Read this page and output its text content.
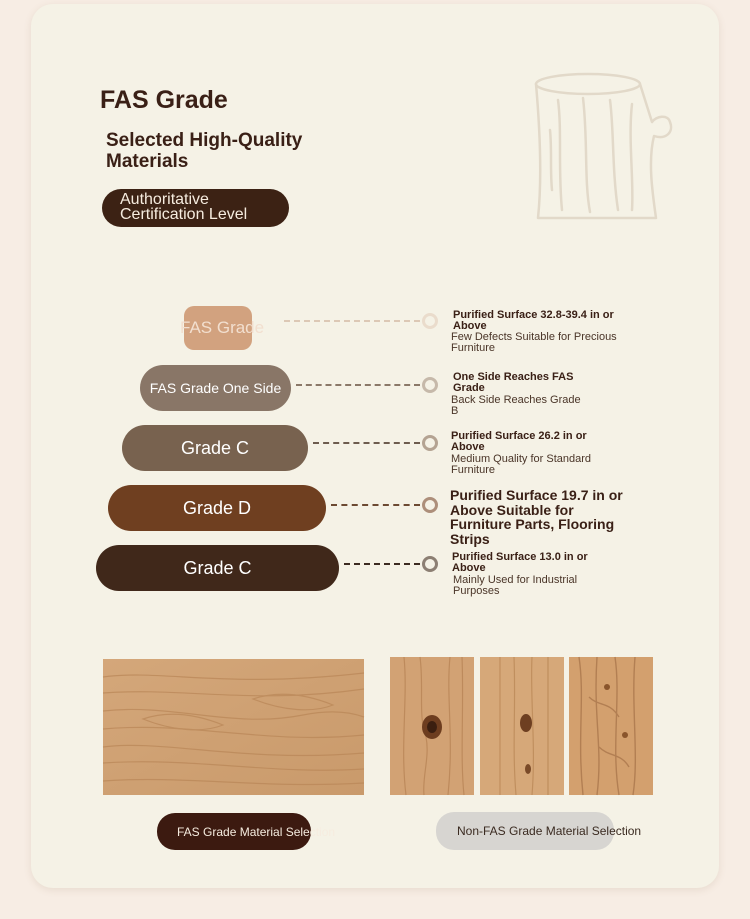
FAS Grade
Selected High-Quality Materials
Authoritative Certification Level
FAS Grade
Purified Surface 32.8-39.4 in or Above
Few Defects Suitable for Precious Furniture
FAS Grade One Side
One Side Reaches FAS Grade
Back Side Reaches Grade B
Grade C
Purified Surface 26.2 in or Above
Medium Quality for Standard Furniture
Grade D
Purified Surface 19.7 in or Above Suitable for Furniture Parts, Flooring Strips
Grade C
Purified Surface 13.0 in or Above
Mainly Used for Industrial Purposes
FAS Grade Material Selection	Non-FAS Grade Material Selection
